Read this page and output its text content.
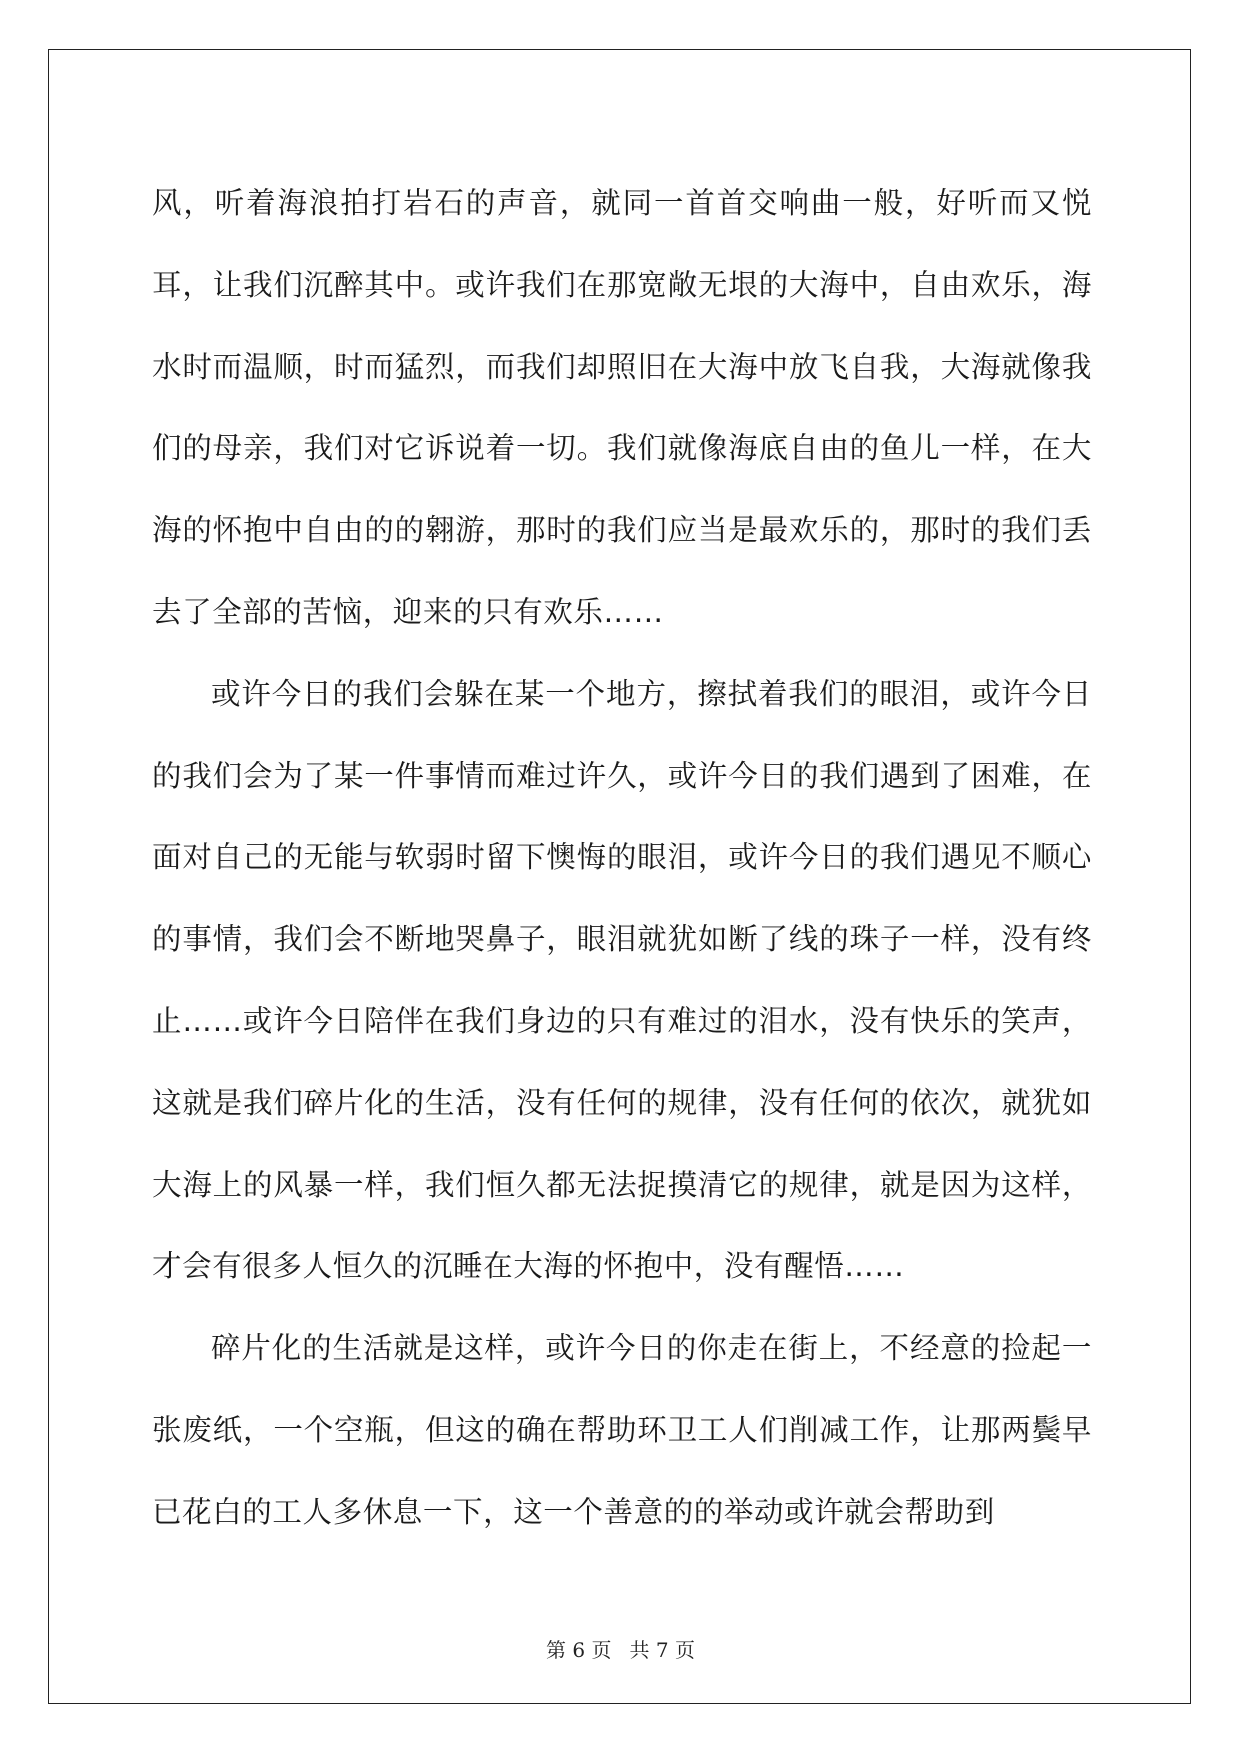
风，听着海浪拍打岩石的声音，就同一首首交响曲一般，好听而又悦耳，让我们沉醉其中。或许我们在那宽敞无垠的大海中，自由欢乐，海水时而温顺，时而猛烈，而我们却照旧在大海中放飞自我，大海就像我们的母亲，我们对它诉说着一切。我们就像海底自由的鱼儿一样，在大海的怀抱中自由的的翱游，那时的我们应当是最欢乐的，那时的我们丢去了全部的苦恼，迎来的只有欢乐……

或许今日的我们会躲在某一个地方，擦拭着我们的眼泪，或许今日的我们会为了某一件事情而难过许久，或许今日的我们遇到了困难，在面对自己的无能与软弱时留下懊悔的眼泪，或许今日的我们遇见不顺心的事情，我们会不断地哭鼻子，眼泪就犹如断了线的珠子一样，没有终止……或许今日陪伴在我们身边的只有难过的泪水，没有快乐的笑声，这就是我们碎片化的生活，没有任何的规律，没有任何的依次，就犹如大海上的风暴一样，我们恒久都无法捉摸清它的规律，就是因为这样，才会有很多人恒久的沉睡在大海的怀抱中，没有醒悟……

碎片化的生活就是这样，或许今日的你走在街上，不经意的捡起一张废纸，一个空瓶，但这的确在帮助环卫工人们削减工作，让那两鬓早已花白的工人多休息一下，这一个善意的的举动或许就会帮助到

第 6 页 共 7 页
